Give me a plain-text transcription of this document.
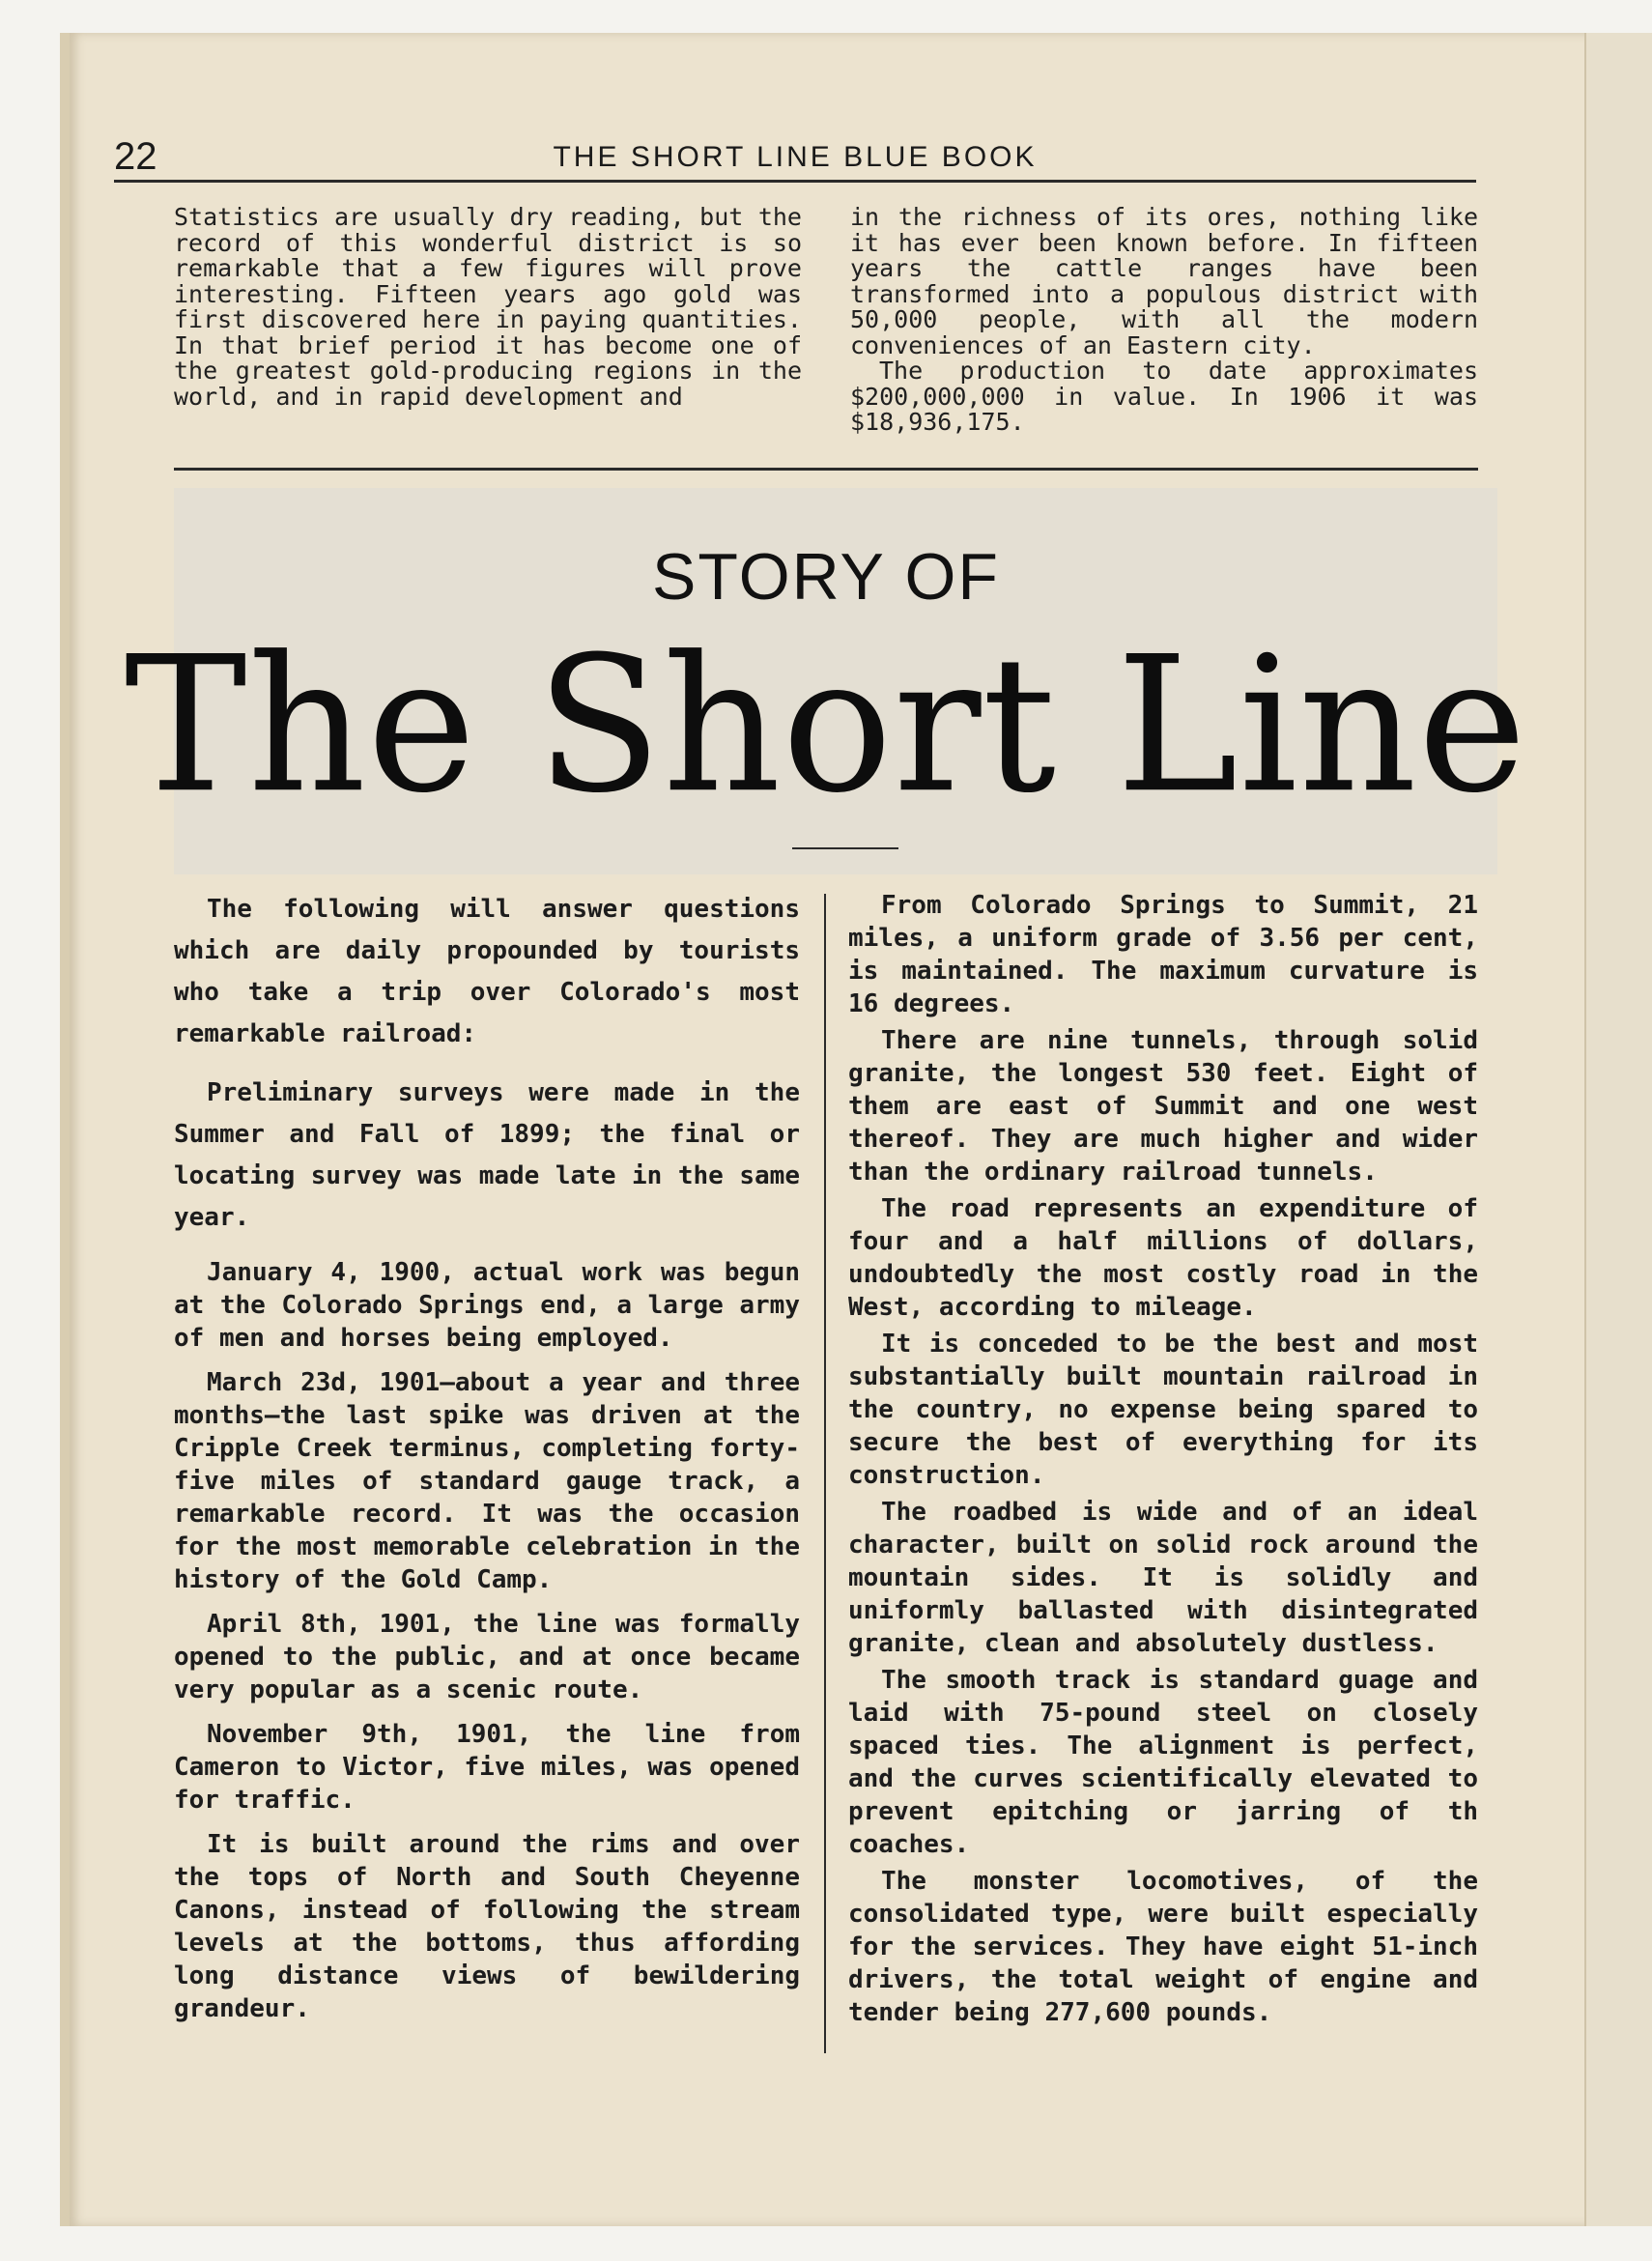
22	THE SHORT LINE BLUE BOOK

Statistics are usually dry reading, but the record of this wonderful district is so remarkable that a few figures will prove interesting. Fifteen years ago gold was first discovered here in paying quantities. In that brief period it has become one of the greatest gold-producing regions in the world, and in rapid development and

in the richness of its ores, nothing like it has ever been known before. In fifteen years the cattle ranges have been transformed into a populous district with 50,000 people, with all the modern conveniences of an Eastern city.

The production to date approximates $200,000,000 in value. In 1906 it was $18,936,175.

STORY OF
The Short Line

The following will answer questions which are daily propounded by tourists who take a trip over Colorado's most remarkable railroad:

Preliminary surveys were made in the Summer and Fall of 1899; the final or locating survey was made late in the same year.

January 4, 1900, actual work was begun at the Colorado Springs end, a large army of men and horses being employed.

March 23d, 1901—about a year and three months—the last spike was driven at the Cripple Creek terminus, completing forty-five miles of standard gauge track, a remarkable record. It was the occasion for the most memorable celebration in the history of the Gold Camp.

April 8th, 1901, the line was formally opened to the public, and at once became very popular as a scenic route.

November 9th, 1901, the line from Cameron to Victor, five miles, was opened for traffic.

It is built around the rims and over the tops of North and South Cheyenne Canons, instead of following the stream levels at the bottoms, thus affording long distance views of bewildering grandeur.

From Colorado Springs to Summit, 21 miles, a uniform grade of 3.56 per cent, is maintained. The maximum curvature is 16 degrees.

There are nine tunnels, through solid granite, the longest 530 feet. Eight of them are east of Summit and one west thereof. They are much higher and wider than the ordinary railroad tunnels.

The road represents an expenditure of four and a half millions of dollars, undoubtedly the most costly road in the West, according to mileage.

It is conceded to be the best and most substantially built mountain railroad in the country, no expense being spared to secure the best of everything for its construction.

The roadbed is wide and of an ideal character, built on solid rock around the mountain sides. It is solidly and uniformly ballasted with disintegrated granite, clean and absolutely dustless.

The smooth track is standard guage and laid with 75-pound steel on closely spaced ties. The alignment is perfect, and the curves scientifically elevated to prevent epitching or jarring of th coaches.

The monster locomotives, of the consolidated type, were built especially for the services. They have eight 51-inch drivers, the total weight of engine and tender being 277,600 pounds.
